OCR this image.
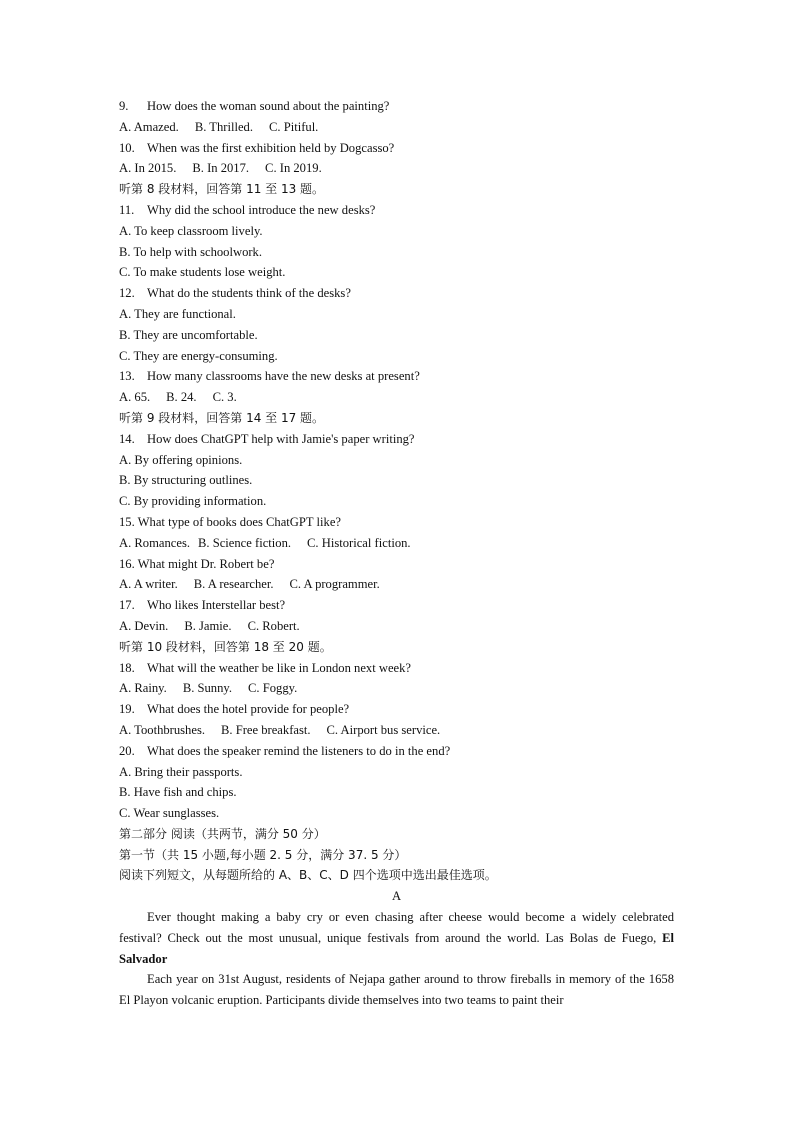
9. How does the woman sound about the painting?
A. Amazed. B. Thrilled. C. Pitiful.
10. When was the first exhibition held by Dogcasso?
A. In 2015. B. In 2017. C. In 2019.
听第 8 段材料，回答第 11 至 13 题。
11. Why did the school introduce the new desks?
A. To keep classroom lively.
B. To help with schoolwork.
C. To make students lose weight.
12. What do the students think of the desks?
A. They are functional.
B. They are uncomfortable.
C. They are energy-consuming.
13. How many classrooms have the new desks at present?
A. 65. B. 24. C. 3.
听第 9 段材料，回答第 14 至 17 题。
14. How does ChatGPT help with Jamie's paper writing?
A. By offering opinions.
B. By structuring outlines.
C. By providing information.
15. What type of books does ChatGPT like?
A. Romances. B. Science fiction. C. Historical fiction.
16. What might Dr. Robert be?
A. A writer. B. A researcher. C. A programmer.
17. Who likes Interstellar best?
A. Devin. B. Jamie. C. Robert.
听第 10 段材料，回答第 18 至 20 题。
18. What will the weather be like in London next week?
A. Rainy. B. Sunny. C. Foggy.
19. What does the hotel provide for people?
A. Toothbrushes. B. Free breakfast. C. Airport bus service.
20. What does the speaker remind the listeners to do in the end?
A. Bring their passports.
B. Have fish and chips.
C. Wear sunglasses.
第二部分 阅读（共两节，满分 50 分）
第一节（共 15 小题,每小题 2. 5 分，满分 37. 5 分）
阅读下列短文，从每题所给的 A、B、C、D 四个选项中选出最佳选项。
A
Ever thought making a baby cry or even chasing after cheese would become a widely celebrated festival? Check out the most unusual, unique festivals from around the world. Las Bolas de Fuego, El Salvador
Each year on 31st August, residents of Nejapa gather around to throw fireballs in memory of the 1658 El Playon volcanic eruption. Participants divide themselves into two teams to paint their
